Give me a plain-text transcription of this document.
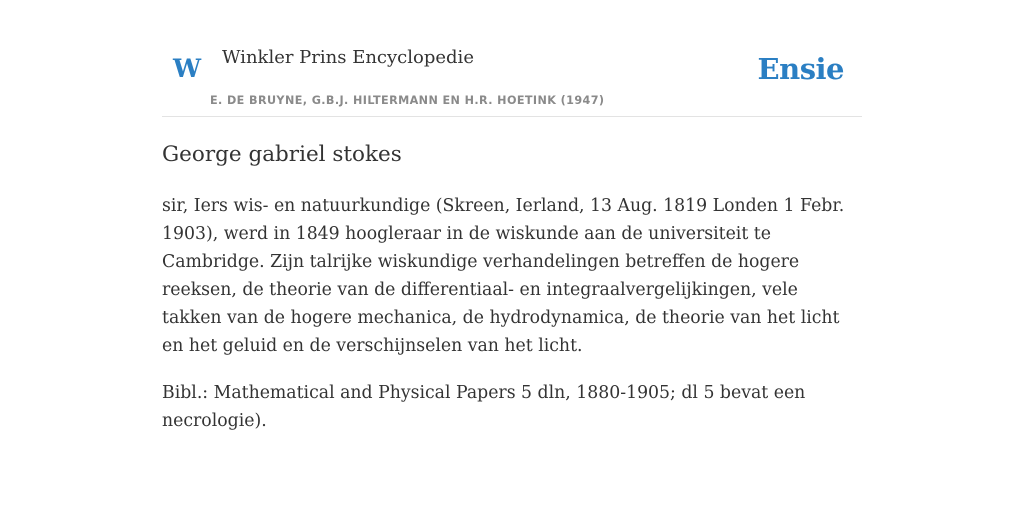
W Winkler Prins Encyclopedie
E. DE BRUYNE, G.B.J. HILTERMANN EN H.R. HOETINK (1947)
Ensie
George gabriel stokes

sir, Iers wis- en natuurkundige (Skreen, Ierland, 13 Aug. 1819 Londen 1 Febr. 1903), werd in 1849 hoogleraar in de wiskunde aan de universiteit te Cambridge. Zijn talrijke wiskundige verhandelingen betreffen de hogere reeksen, de theorie van de differentiaal- en integraalvergelijkingen, vele takken van de hogere mechanica, de hydrodynamica, de theorie van het licht en het geluid en de verschijnselen van het licht.

Bibl.: Mathematical and Physical Papers 5 dln, 1880-1905; dl 5 bevat een necrologie).
